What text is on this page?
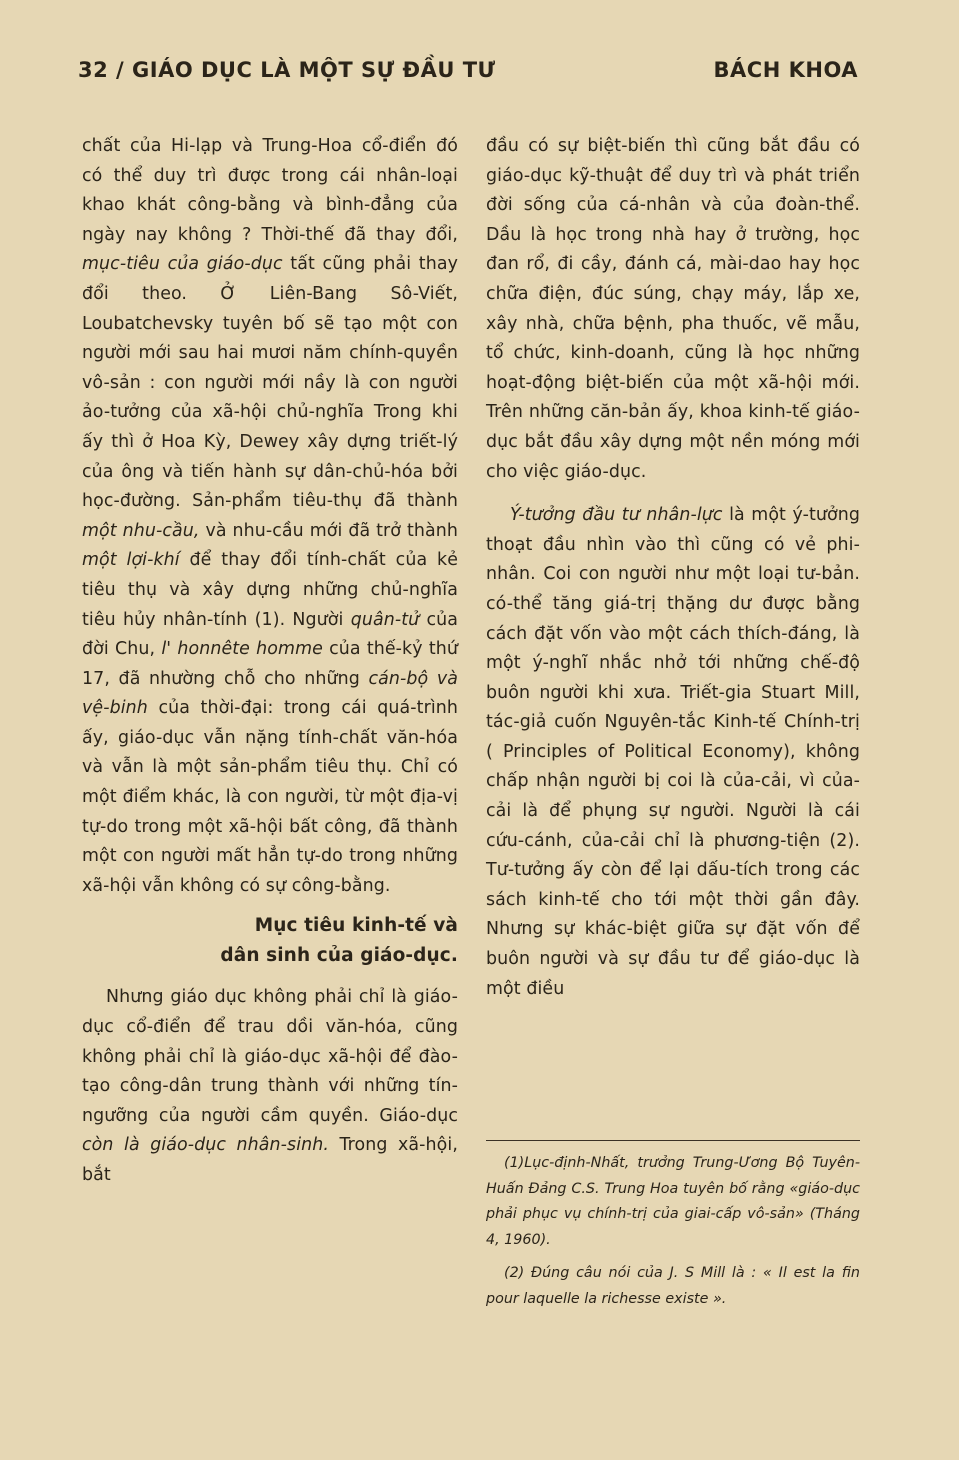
32 / GIÁO DỤC LÀ MỘT SỰ ĐẦU TƯ	BÁCH KHOA

chất của Hi-lạp và Trung-Hoa cổ-điển đó có thể duy trì được trong cái nhân-loại khao khát công-bằng và bình-đẳng của ngày nay không ? Thời-thế đã thay đổi, mục-tiêu của giáo-dục tất cũng phải thay đổi theo. Ở Liên-Bang Sô-Viết, Loubatchevsky tuyên bố sẽ tạo một con người mới sau hai mươi năm chính-quyền vô-sản : con người mới nầy là con người ảo-tưởng của xã-hội chủ-nghĩa Trong khi ấy thì ở Hoa Kỳ, Dewey xây dựng triết-lý của ông và tiến hành sự dân-chủ-hóa bởi học-đường. Sản-phẩm tiêu-thụ đã thành một nhu-cầu, và nhu-cầu mới đã trở thành một lợi-khí để thay đổi tính-chất của kẻ tiêu thụ và xây dựng những chủ-nghĩa tiêu hủy nhân-tính (1). Người quân-tử của đời Chu, l' honnête homme của thế-kỷ thứ 17, đã nhường chỗ cho những cán-bộ và vệ-binh của thời-đại: trong cái quá-trình ấy, giáo-dục vẫn nặng tính-chất văn-hóa và vẫn là một sản-phẩm tiêu thụ. Chỉ có một điểm khác, là con người, từ một địa-vị tự-do trong một xã-hội bất công, đã thành một con người mất hẳn tự-do trong những xã-hội vẫn không có sự công-bằng.

Mục tiêu kinh-tế và
dân sinh của giáo-dục.

Nhưng giáo dục không phải chỉ là giáo-dục cổ-điển để trau dồi văn-hóa, cũng không phải chỉ là giáo-dục xã-hội để đào-tạo công-dân trung thành với những tín-ngưỡng của người cầm quyền. Giáo-dục còn là giáo-dục nhân-sinh. Trong xã-hội, bắt

đầu có sự biệt-biến thì cũng bắt đầu có giáo-dục kỹ-thuật để duy trì và phát triển đời sống của cá-nhân và của đoàn-thể. Dầu là học trong nhà hay ở trường, học đan rổ, đi cầy, đánh cá, mài-dao hay học chữa điện, đúc súng, chạy máy, lắp xe, xây nhà, chữa bệnh, pha thuốc, vẽ mẫu, tổ chức, kinh-doanh, cũng là học những hoạt-động biệt-biến của một xã-hội mới. Trên những căn-bản ấy, khoa kinh-tế giáo-dục bắt đầu xây dựng một nền móng mới cho việc giáo-dục.

Ý-tưởng đầu tư nhân-lực là một ý-tưởng thoạt đầu nhìn vào thì cũng có vẻ phi-nhân. Coi con người như một loại tư-bản. có-thể tăng giá-trị thặng dư được bằng cách đặt vốn vào một cách thích-đáng, là một ý-nghĩ nhắc nhở tới những chế-độ buôn người khi xưa. Triết-gia Stuart Mill, tác-giả cuốn Nguyên-tắc Kinh-tế Chính-trị ( Principles of Political Economy), không chấp nhận người bị coi là của-cải, vì của-cải là để phụng sự người. Người là cái cứu-cánh, của-cải chỉ là phương-tiện (2). Tư-tưởng ấy còn để lại dấu-tích trong các sách kinh-tế cho tới một thời gần đây. Nhưng sự khác-biệt giữa sự đặt vốn để buôn người và sự đầu tư để giáo-dục là một điều

(1)Lục-định-Nhất, trưởng Trung-Ương Bộ Tuyên-Huấn Đảng C.S. Trung Hoa tuyên bố rằng «giáo-dục phải phục vụ chính-trị của giai-cấp vô-sản» (Tháng 4, 1960).

(2) Đúng câu nói của J. S Mill là : « Il est la fin pour laquelle la richesse existe ».
